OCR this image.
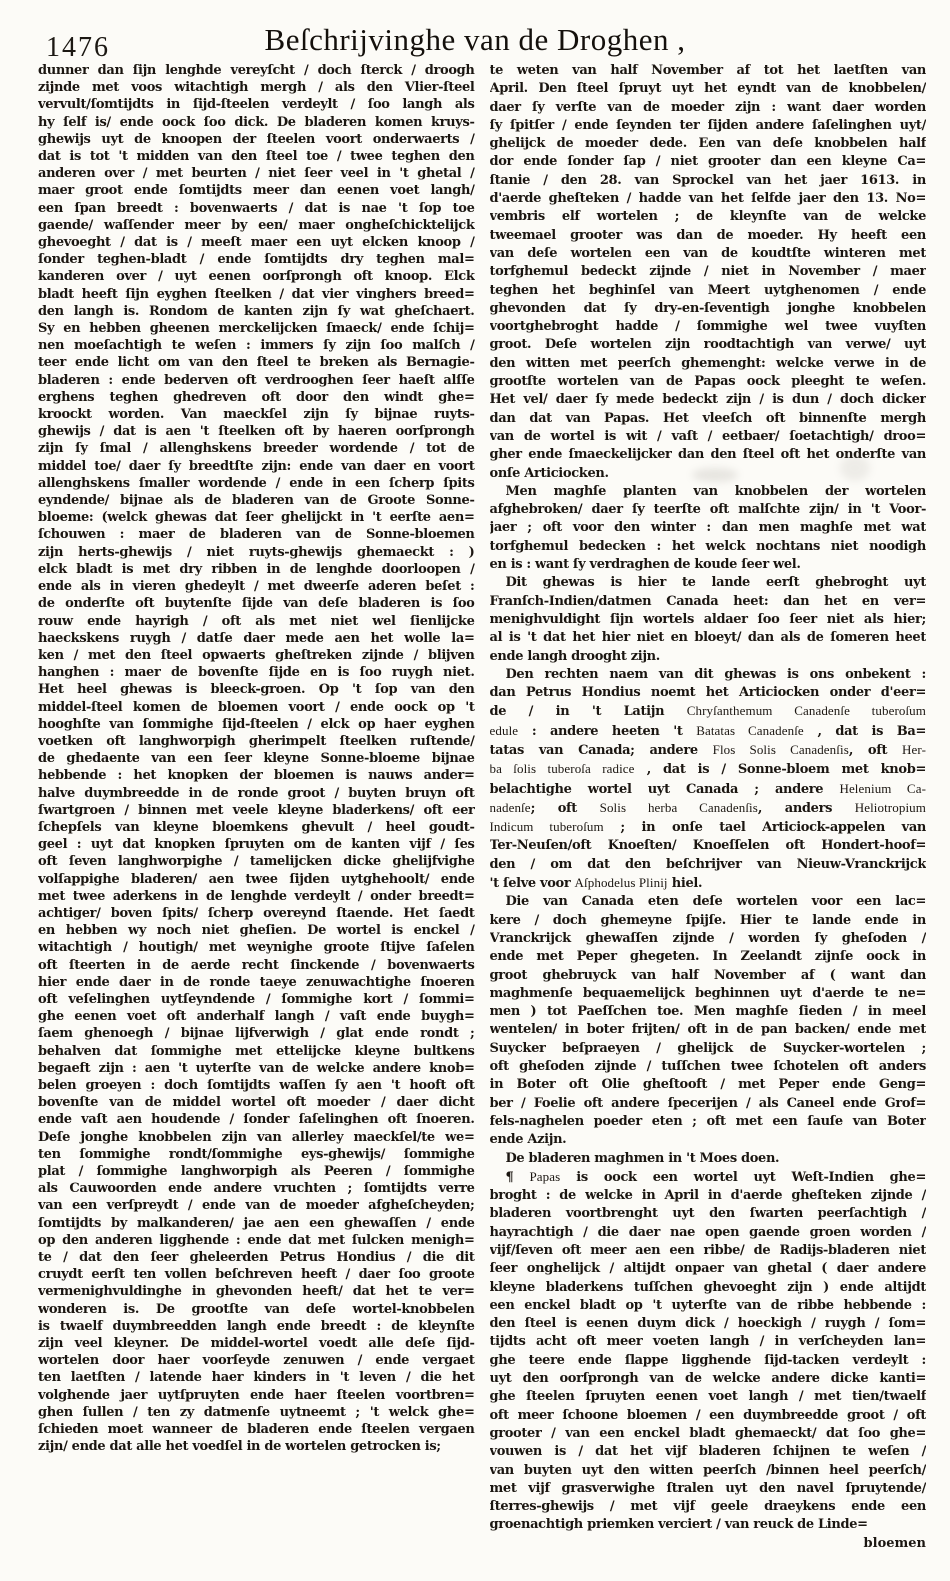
1476	Beſchrijvinghe van de Droghen ,
dunner dan ſijn lenghde vereyſcht / doch ſterck / droogh
zijnde met voos witachtigh mergh / als den Vlier-ſteel
vervult/ſomtijdts in ſijd-ſteelen verdeylt / ſoo langh als
hy ſelf is/ ende oock ſoo dick. De bladeren komen kruys-
ghewijs uyt de knoopen der ſteelen voort onderwaerts /
dat is tot 't midden van den ſteel toe / twee teghen den
anderen over / met beurten / niet ſeer veel in 't ghetal /
maer groot ende ſomtijdts meer dan eenen voet langh/
een ſpan breedt : bovenwaerts / dat is nae 't ſop toe
gaende/ waſſender meer by een/ maer ongheſchicktelijck
ghevoeght / dat is / meeſt maer een uyt elcken knoop /
ſonder teghen-bladt / ende ſomtijdts dry teghen mal=
kanderen over / uyt eenen oorſprongh oft knoop. Elck
bladt heeft ſijn eyghen ſteelken / dat vier vinghers breed=
den langh is. Rondom de kanten zijn ſy wat gheſchaert.
Sy en hebben gheenen merckelijcken ſmaeck/ ende ſchij=
nen moeſachtigh te weſen : immers ſy zijn ſoo malſch /
teer ende licht om van den ſteel te breken als Bernagie-
bladeren : ende bederven oft verdrooghen ſeer haeſt alſſe
erghens teghen ghedreven oft door den windt ghe=
kroockt worden. Van maeckſel zijn ſy bijnae ruyts-
ghewijs / dat is aen 't ſteelken oft by haeren oorſprongh
zijn ſy ſmal / allenghskens breeder wordende / tot de
middel toe/ daer ſy breedtſte zijn: ende van daer en voort
allenghskens ſmaller wordende / ende in een ſcherp ſpits
eyndende/ bijnae als de bladeren van de Groote Sonne-
bloeme: (welck ghewas dat ſeer ghelijckt in 't eerſte aen=
ſchouwen : maer de bladeren van de Sonne-bloemen
zijn herts-ghewijs / niet ruyts-ghewijs ghemaeckt : )
elck bladt is met dry ribben in de lenghde doorloopen /
ende als in vieren ghedeylt / met dweerſe aderen beſet :
de onderſte oft buytenſte ſijde van deſe bladeren is ſoo
rouw ende hayrigh / oft als met niet wel ſienlijcke
haeckskens ruygh / datſe daer mede aen het wolle la=
ken / met den ſteel opwaerts gheſtreken zijnde / blijven
hanghen : maer de bovenſte ſijde en is ſoo ruygh niet.
Het heel ghewas is bleeck-groen. Op 't ſop van den
middel-ſteel komen de bloemen voort / ende oock op 't
hooghſte van ſommighe ſijd-ſteelen / elck op haer eyghen
voetken oft langhworpigh gherimpelt ſteelken ruſtende/
de ghedaente van een ſeer kleyne Sonne-bloeme bijnae
hebbende : het knopken der bloemen is nauws ander=
halve duymbreedde in de ronde groot / buyten bruyn oft
ſwartgroen / binnen met veele kleyne bladerkens/ oft eer
ſchepſels van kleyne bloemkens ghevult / heel goudt-
geel : uyt dat knopken ſpruyten om de kanten vijf / ſes
oft ſeven langhworpighe / tamelijcken dicke ghelijfvighe
volſappighe bladeren/ aen twee ſijden uytghehoolt/ ende
met twee aderkens in de lenghde verdeylt / onder breedt=
achtiger/ boven ſpits/ ſcherp overeynd ſtaende. Het ſaedt
en hebben wy noch niet gheſien. De wortel is enckel /
witachtigh / houtigh/ met weynighe groote ſtijve ſaſelen
oft ſteerten in de aerde recht ſinckende / bovenwaerts
hier ende daer in de ronde taeye zenuwachtighe ſnoeren
oft veſelinghen uytſeyndende / ſommighe kort / ſommi=
ghe eenen voet oft anderhalf langh / vaſt ende buygh=
ſaem ghenoegh / bijnae lijfverwigh / glat ende rondt ;
behalven dat ſommighe met ettelijcke kleyne bultkens
begaeft zijn : aen 't uyterſte van de welcke andere knob=
belen groeyen : doch ſomtijdts waſſen ſy aen 't hooft oft
bovenſte van de middel wortel oft moeder / daer dicht
ende vaſt aen houdende / ſonder ſaſelinghen oft ſnoeren.
Deſe jonghe knobbelen zijn van allerley maeckſel/te we=
ten ſommighe rondt/ſommighe eys-ghewijs/ ſommighe
plat / ſommighe langhworpigh als Peeren / ſommighe
als Cauwoorden ende andere vruchten ; ſomtijdts verre
van een verſpreydt / ende van de moeder afgheſcheyden;
ſomtijdts by malkanderen/ jae aen een ghewaſſen / ende
op den anderen ligghende : ende dat met ſulcken menigh=
te / dat den ſeer gheleerden Petrus Hondius / die dit
cruydt eerſt ten vollen beſchreven heeft / daer ſoo groote
vermenighvuldinghe in ghevonden heeft/ dat het te ver=
wonderen is. De grootſte van deſe wortel-knobbelen
is twaelf duymbreedden langh ende breedt : de kleynſte
zijn veel kleyner. De middel-wortel voedt alle deſe ſijd-
wortelen door haer voorſeyde zenuwen / ende vergaet
ten laetſten / latende haer kinders in 't leven / die het
volghende jaer uytſpruyten ende haer ſteelen voortbren=
ghen ſullen / ten zy datmenſe uytneemt ; 't welck ghe=
ſchieden moet wanneer de bladeren ende ſteelen vergaen
zijn/ ende dat alle het voedſel in de wortelen getrocken is;
te weten van half November af tot het laetſten van
April. Den ſteel ſpruyt uyt het eyndt van de knobbelen/
daer ſy verſte van de moeder zijn : want daer worden
ſy ſpitſer / ende ſeynden ter ſijden andere ſaſelinghen uyt/
ghelijck de moeder dede. Een van deſe knobbelen half
dor ende ſonder ſap / niet grooter dan een kleyne Ca=
ſtanie / den 28. van Sprockel van het jaer 1613. in
d'aerde gheſteken / hadde van het ſelfde jaer den 13. No=
vembris elf wortelen ; de kleynſte van de welcke
tweemael grooter was dan de moeder. Hy heeft een
van deſe wortelen een van de koudtſte winteren met
torfghemul bedeckt zijnde / niet in November / maer
teghen het beghinſel van Meert uytghenomen / ende
ghevonden dat ſy dry-en-ſeventigh jonghe knobbelen
voortghebroght hadde / ſommighe wel twee vuyſten
groot. Deſe wortelen zijn roodtachtigh van verwe/ uyt
den witten met peerſch ghemenght: welcke verwe in de
grootſte wortelen van de Papas oock pleeght te weſen.
Het vel/ daer ſy mede bedeckt zijn / is dun / doch dicker
dan dat van Papas. Het vleeſch oft binnenſte mergh
van de wortel is wit / vaſt / eetbaer/ ſoetachtigh/ droo=
gher ende ſmaeckelijcker dan den ſteel oft het onderſte van
onſe Articiocken.
Men maghſe planten van knobbelen der wortelen
afghebroken/ daer ſy teerſte oft malſchte zijn/ in 't Voor-
jaer ; oft voor den winter : dan men maghſe met wat
torfghemul bedecken : het welck nochtans niet noodigh
en is : want ſy verdraghen de koude ſeer wel.
Dit ghewas is hier te lande eerſt ghebroght uyt
Franſch-Indien/datmen Canada heet: dan het en ver=
menighvuldight ſijn wortels aldaer ſoo ſeer niet als hier;
al is 't dat het hier niet en bloeyt/ dan als de ſomeren heet
ende langh drooght zijn.
Den rechten naem van dit ghewas is ons onbekent :
dan Petrus Hondius noemt het Articiocken onder d'eer=
de / in 't Latijn Chryſanthemum Canadenſe tuberoſum
edule : andere heeten 't Batatas Canadenſe , dat is Ba=
tatas van Canada; andere Flos Solis Canadenſis, oft Her-
ba ſolis tuberoſa radice , dat is / Sonne-bloem met knob=
belachtighe wortel uyt Canada ; andere Helenium Ca-
nadenſe; oft Solis herba Canadenſis, anders Heliotropium
Indicum tuberoſum ; in onſe tael Articiock-appelen van
Ter-Neuſen/oft Knoeſten/ Knoeſſelen oft Hondert-hoof=
den / om dat den beſchrijver van Nieuw-Vranckrijck
't ſelve voor Aſphodelus Plinij hiel.
Die van Canada eten deſe wortelen voor een lac=
kere / doch ghemeyne ſpijſe. Hier te lande ende in
Vranckrijck ghewaſſen zijnde / worden ſy gheſoden /
ende met Peper ghegeten. In Zeelandt zijnſe oock in
groot ghebruyck van half November af ( want dan
maghmenſe bequaemelijck beghinnen uyt d'aerde te ne=
men ) tot Paeſſchen toe. Men maghſe ſieden / in meel
wentelen/ in boter frijten/ oft in de pan backen/ ende met
Suycker beſpraeyen / ghelijck de Suycker-wortelen ;
oft gheſoden zijnde / tuſſchen twee ſchotelen oft anders
in Boter oft Olie gheſtooft / met Peper ende Geng=
ber / Foelie oft andere ſpecerijen / als Caneel ende Grof=
fels-naghelen poeder eten ; oft met een ſauſe van Boter
ende Azijn.
De bladeren maghmen in 't Moes doen.
¶ Papas is oock een wortel uyt Weſt-Indien ghe=
broght : de welcke in April in d'aerde gheſteken zijnde /
bladeren voortbrenght uyt den ſwarten peerſachtigh /
hayrachtigh / die daer nae open gaende groen worden /
vijf/ſeven oft meer aen een ribbe/ de Radijs-bladeren niet
ſeer onghelijck / altijdt onpaer van ghetal ( daer andere
kleyne bladerkens tuſſchen ghevoeght zijn ) ende altijdt
een enckel bladt op 't uyterſte van de ribbe hebbende :
den ſteel is eenen duym dick / hoeckigh / ruygh / ſom=
tijdts acht oft meer voeten langh / in verſcheyden lan=
ghe teere ende ſlappe ligghende ſijd-tacken verdeylt :
uyt den oorſprongh van de welcke andere dicke kanti=
ghe ſteelen ſpruyten eenen voet langh / met tien/twaelf
oft meer ſchoone bloemen / een duymbreedde groot / oft
grooter / van een enckel bladt ghemaeckt/ dat ſoo ghe=
vouwen is / dat het vijf bladeren ſchijnen te weſen /
van buyten uyt den witten peerſch /binnen heel peerſch/
met vijf grasverwighe ſtralen uyt den navel ſpruytende/
ſterres-ghewijs / met vijf geele draeykens ende een
groenachtigh priemken verciert / van reuck de Linde=
bloemen
